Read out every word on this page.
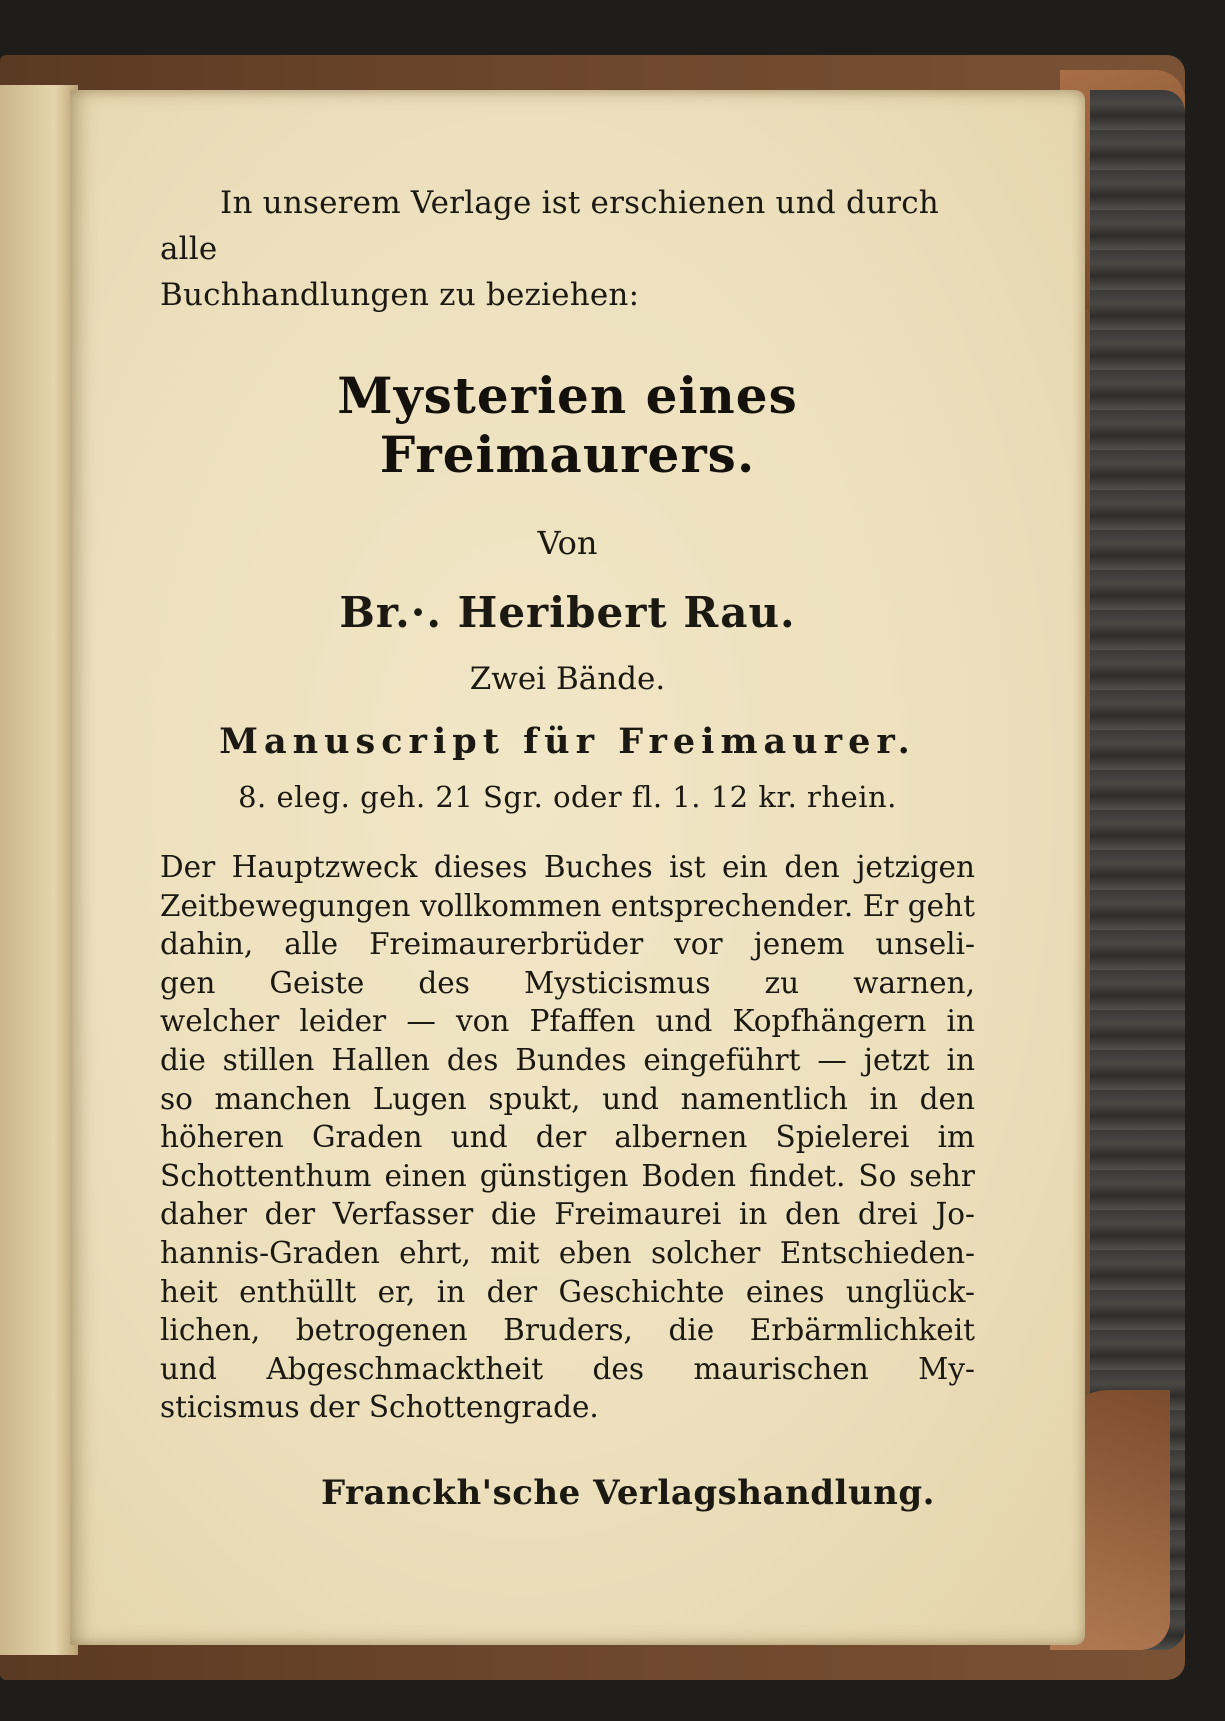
In unserem Verlage ist erschienen und durch alle
Buchhandlungen zu beziehen:

Mysterien eines Freimaurers.
Von
Br.·. Heribert Rau.
Zwei Bände.
Manuscript für Freimaurer.
8. eleg. geh. 21 Sgr. oder fl. 1. 12 kr. rhein.
Der Hauptzweck dieses Buches ist ein den jetzigen
Zeitbewegungen vollkommen entsprechender. Er geht
dahin, alle Freimaurerbrüder vor jenem unseli-
gen Geiste des Mysticismus zu warnen,
welcher leider — von Pfaffen und Kopfhängern in
die stillen Hallen des Bundes eingeführt — jetzt in
so manchen Lugen spukt, und namentlich in den
höheren Graden und der albernen Spielerei im
Schottenthum einen günstigen Boden findet. So sehr
daher der Verfasser die Freimaurei in den drei Jo-
hannis-Graden ehrt, mit eben solcher Entschieden-
heit enthüllt er, in der Geschichte eines unglück-
lichen, betrogenen Bruders, die Erbärmlichkeit
und Abgeschmacktheit des maurischen My-
sticismus der Schottengrade.
Franckh'sche Verlagshandlung.
